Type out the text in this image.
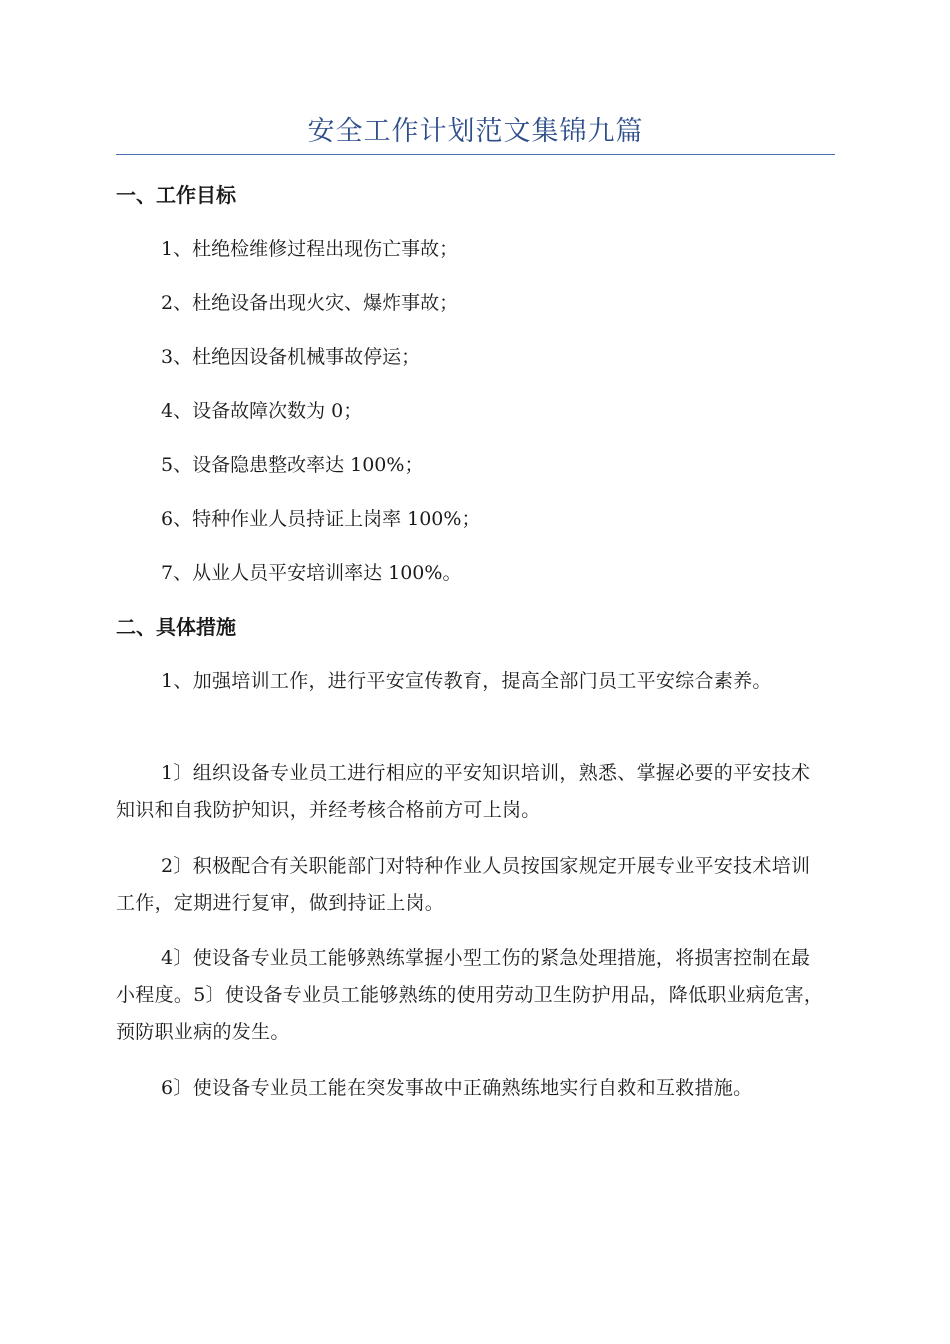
安全工作计划范文集锦九篇
一、工作目标
1、杜绝检维修过程出现伤亡事故；
2、杜绝设备出现火灾、爆炸事故；
3、杜绝因设备机械事故停运；
4、设备故障次数为 0；
5、设备隐患整改率达 100%；
6、特种作业人员持证上岗率 100%；
7、从业人员平安培训率达 100%。
二、具体措施
1、加强培训工作，进行平安宣传教育，提高全部门员工平安综合素养。
1〕组织设备专业员工进行相应的平安知识培训，熟悉、掌握必要的平安技术知识和自我防护知识，并经考核合格前方可上岗。
2〕积极配合有关职能部门对特种作业人员按国家规定开展专业平安技术培训工作，定期进行复审，做到持证上岗。
4〕使设备专业员工能够熟练掌握小型工伤的紧急处理措施，将损害控制在最小程度。5〕使设备专业员工能够熟练的使用劳动卫生防护用品，降低职业病危害，预防职业病的发生。
6〕使设备专业员工能在突发事故中正确熟练地实行自救和互救措施。
